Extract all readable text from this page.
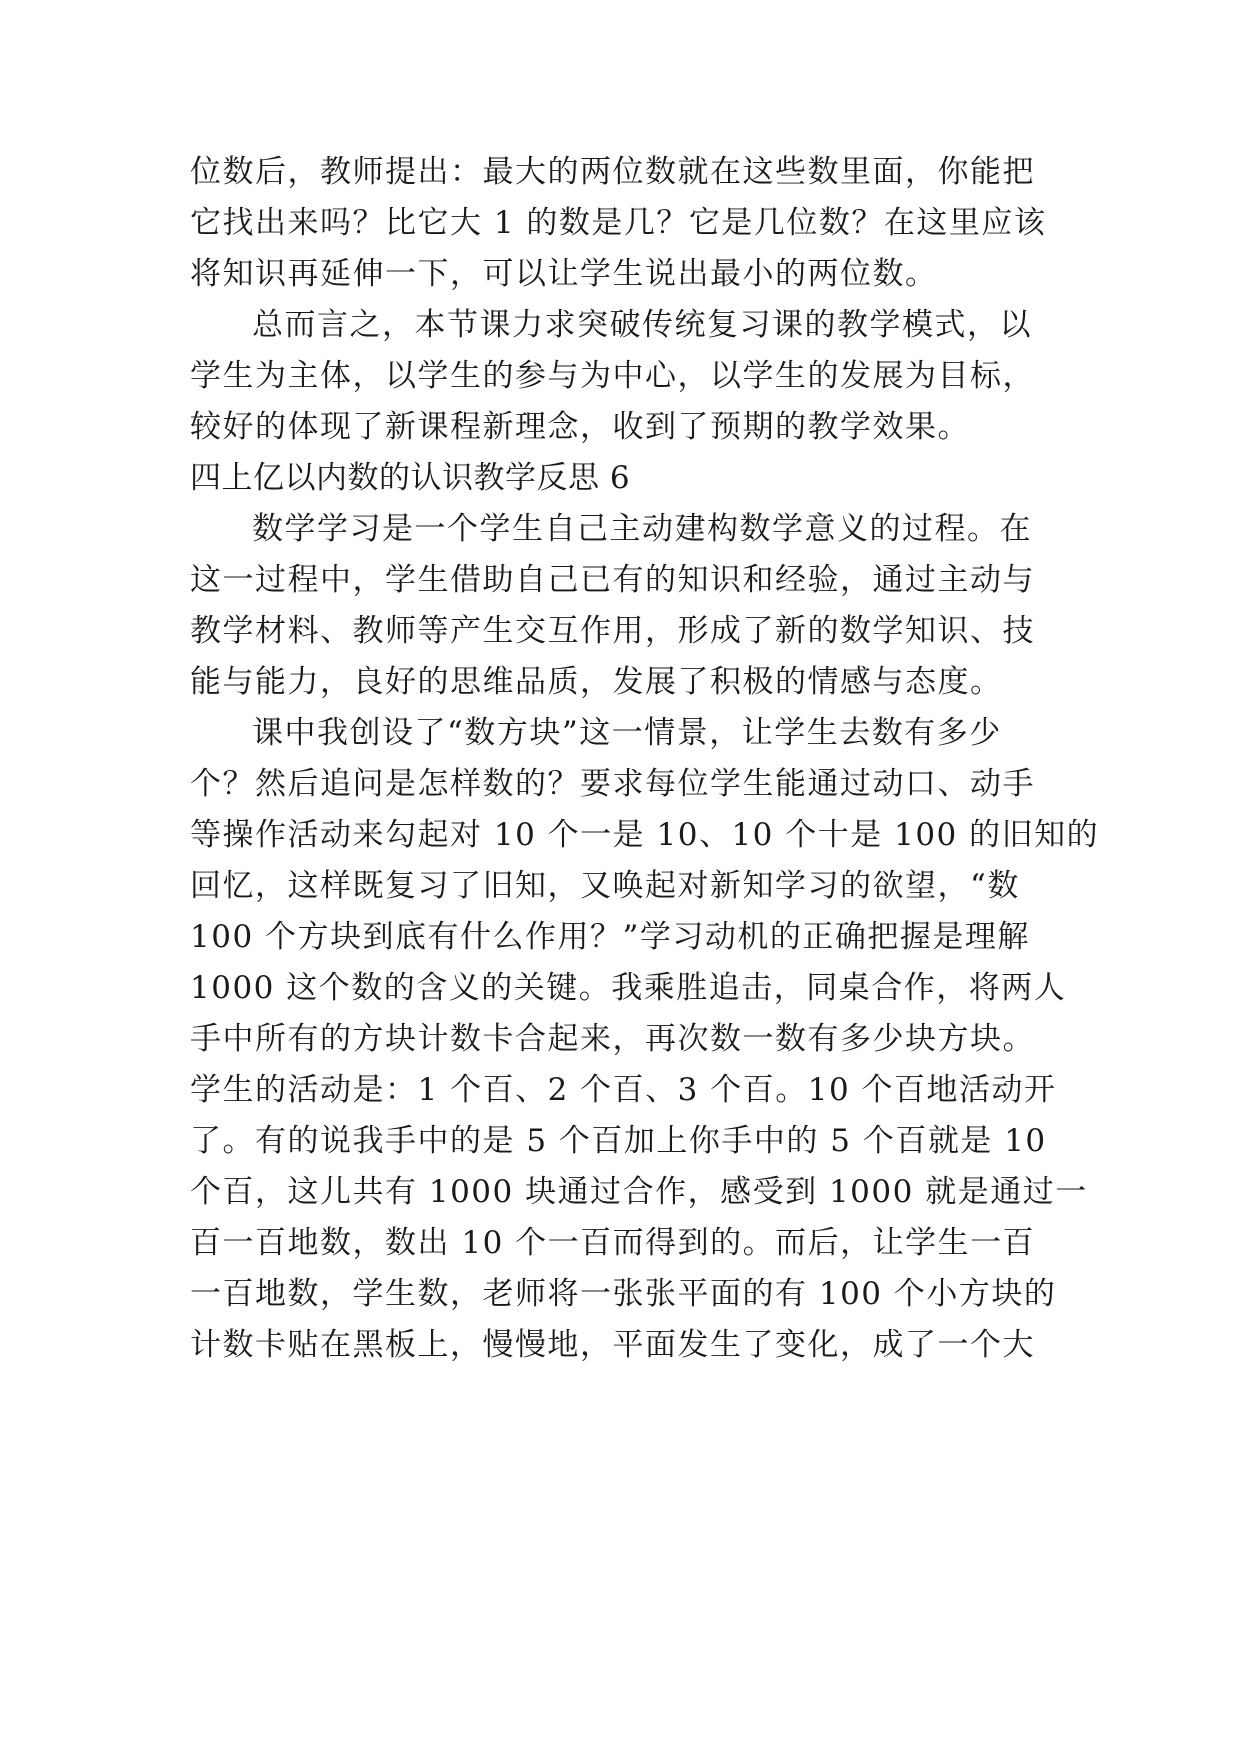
位数后，教师提出：最大的两位数就在这些数里面，你能把

它找出来吗？比它大 1 的数是几？它是几位数？在这里应该

将知识再延伸一下，可以让学生说出最小的两位数。

总而言之，本节课力求突破传统复习课的教学模式，以

学生为主体，以学生的参与为中心，以学生的发展为目标，

较好的体现了新课程新理念，收到了预期的教学效果。

四上亿以内数的认识教学反思 6

数学学习是一个学生自己主动建构数学意义的过程。在

这一过程中，学生借助自己已有的知识和经验，通过主动与

教学材料、教师等产生交互作用，形成了新的数学知识、技

能与能力，良好的思维品质，发展了积极的情感与态度。

课中我创设了“数方块”这一情景，让学生去数有多少

个？然后追问是怎样数的？要求每位学生能通过动口、动手

等操作活动来勾起对 10 个一是 10、10 个十是 100 的旧知的

回忆，这样既复习了旧知，又唤起对新知学习的欲望，“数

100 个方块到底有什么作用？”学习动机的正确把握是理解

1000 这个数的含义的关键。我乘胜追击，同桌合作，将两人

手中所有的方块计数卡合起来，再次数一数有多少块方块。

学生的活动是：1 个百、2 个百、3 个百。10 个百地活动开

了。有的说我手中的是 5 个百加上你手中的 5 个百就是 10

个百，这儿共有 1000 块通过合作，感受到 1000 就是通过一

百一百地数，数出 10 个一百而得到的。而后，让学生一百

一百地数，学生数，老师将一张张平面的有 100 个小方块的

计数卡贴在黑板上，慢慢地，平面发生了变化，成了一个大
